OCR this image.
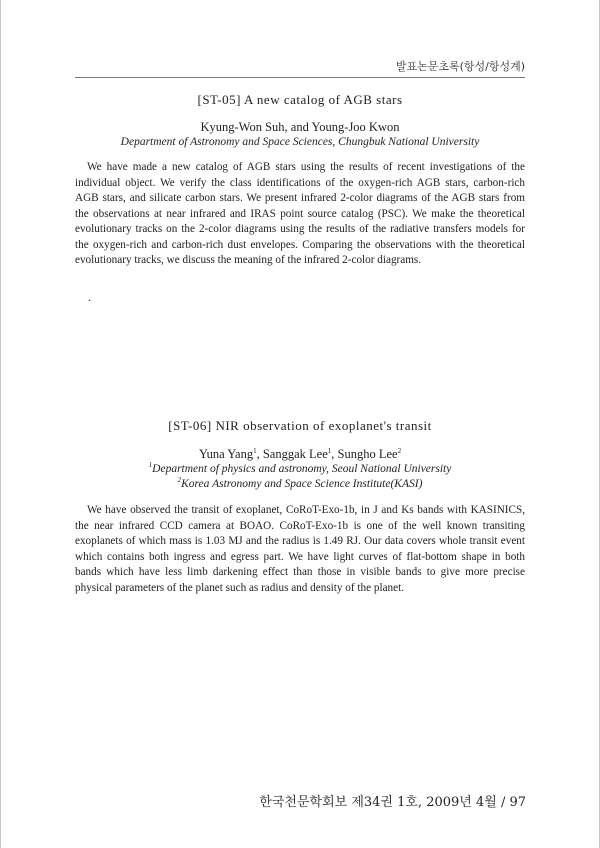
발표논문초록(항성/항성계)

[ST-05] A new catalog of AGB stars

Kyung-Won Suh, and Young-Joo Kwon

Department of Astronomy and Space Sciences, Chungbuk National University

We have made a new catalog of AGB stars using the results of recent investigations of the individual object. We verify the class identifications of the oxygen-rich AGB stars, carbon-rich AGB stars, and silicate carbon stars. We present infrared 2-color diagrams of the AGB stars from the observations at near infrared and IRAS point source catalog (PSC). We make the theoretical evolutionary tracks on the 2-color diagrams using the results of the radiative transfers models for the oxygen-rich and carbon-rich dust envelopes. Comparing the observations with the theoretical evolutionary tracks, we discuss the meaning of the infrared 2-color diagrams.

.

[ST-06] NIR observation of exoplanet's transit

Yuna Yang$^1$, Sanggak Lee$^1$, Sungho Lee$^2$

$^1$Department of physics and astronomy, Seoul National University

$^2$Korea Astronomy and Space Science Institute(KASI)

We have observed the transit of exoplanet, CoRoT-Exo-1b, in J and Ks bands with KASINICS, the near infrared CCD camera at BOAO. CoRoT-Exo-1b is one of the well known transiting exoplanets of which mass is 1.03 MJ and the radius is 1.49 RJ. Our data covers whole transit event which contains both ingress and egress part. We have light curves of flat-bottom shape in both bands which have less limb darkening effect than those in visible bands to give more precise physical parameters of the planet such as radius and density of the planet.

한국천문학회보 제34권 1호, 2009년 4월 / 97
